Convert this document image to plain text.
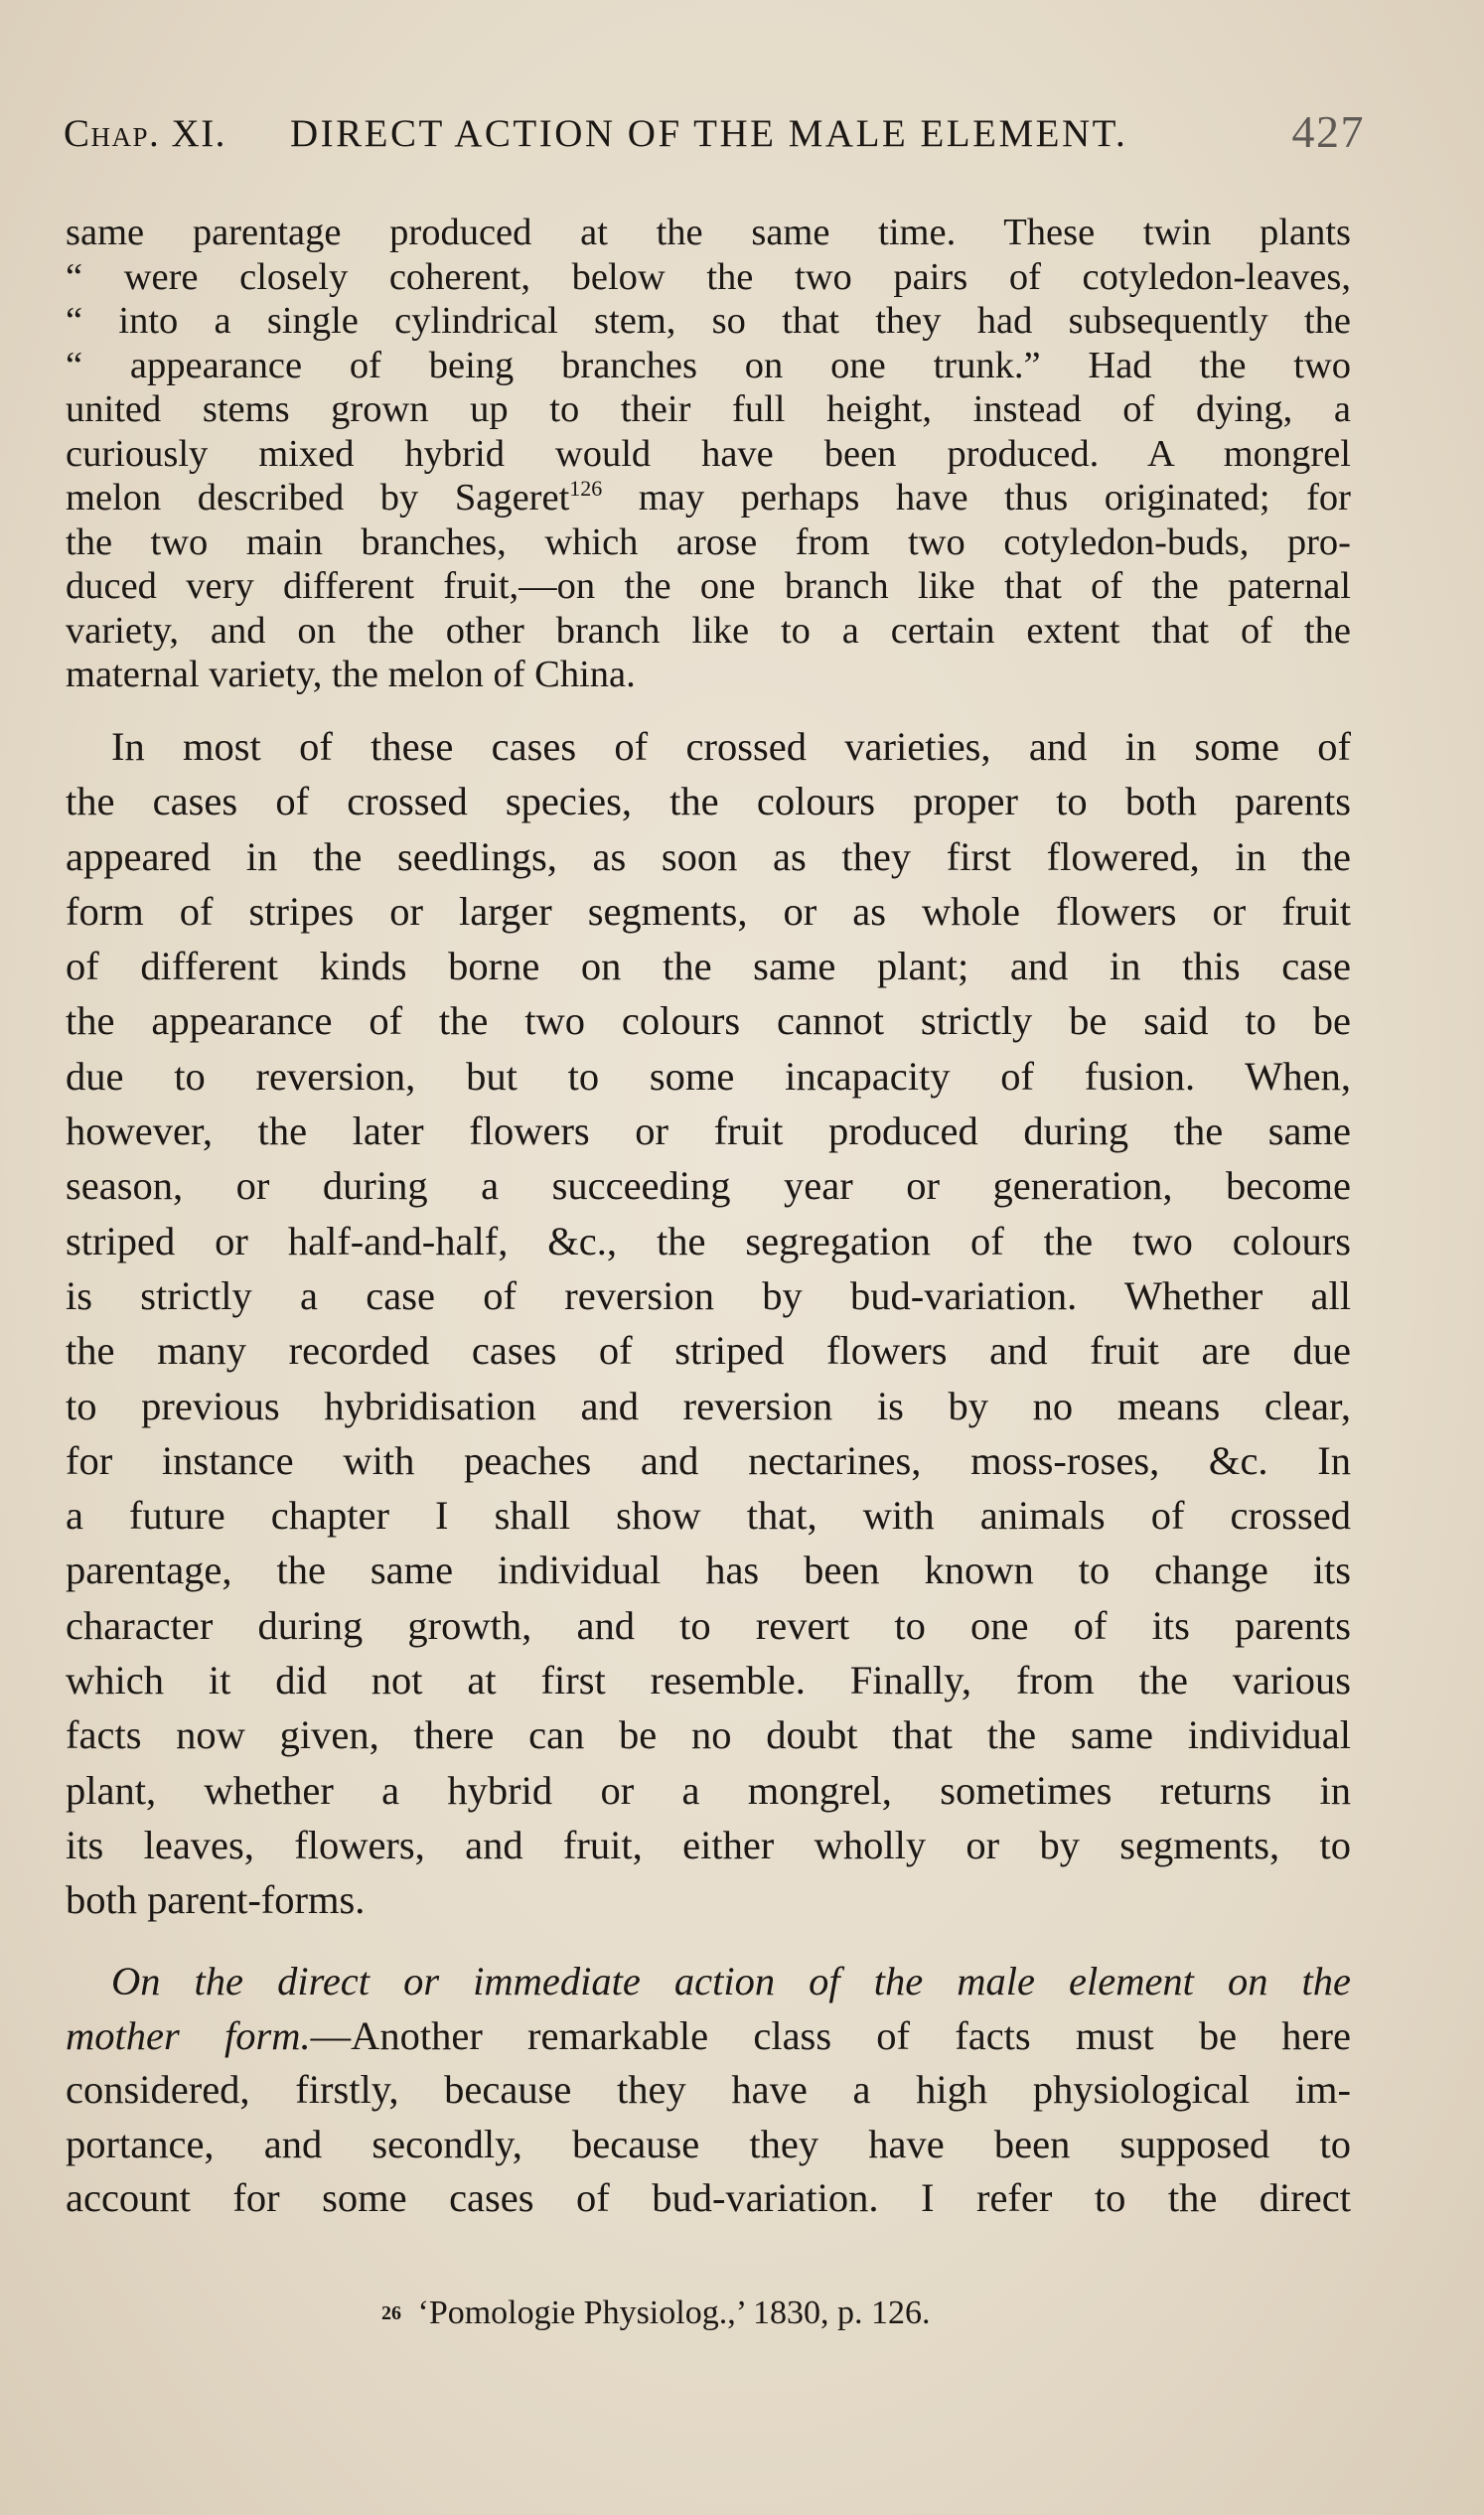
Chap. XI. DIRECT ACTION OF THE MALE ELEMENT.	427
same parentage produced at the same time. These twin plants
“ were closely coherent, below the two pairs of cotyledon-leaves,
“ into a single cylindrical stem, so that they had subsequently the
“ appearance of being branches on one trunk.” Had the two
united stems grown up to their full height, instead of dying, a
curiously mixed hybrid would have been produced. A mongrel
melon described by Sageret$^{126}$ may perhaps have thus originated; for
the two main branches, which arose from two cotyledon-buds, pro-
duced very different fruit,—on the one branch like that of the paternal
variety, and on the other branch like to a certain extent that of the
maternal variety, the melon of China.
In most of these cases of crossed varieties, and in some of
the cases of crossed species, the colours proper to both parents
appeared in the seedlings, as soon as they first flowered, in the
form of stripes or larger segments, or as whole flowers or fruit
of different kinds borne on the same plant; and in this case
the appearance of the two colours cannot strictly be said to be
due to reversion, but to some incapacity of fusion. When,
however, the later flowers or fruit produced during the same
season, or during a succeeding year or generation, become
striped or half-and-half, &c., the segregation of the two colours
is strictly a case of reversion by bud-variation. Whether all
the many recorded cases of striped flowers and fruit are due
to previous hybridisation and reversion is by no means clear,
for instance with peaches and nectarines, moss-roses, &c. In
a future chapter I shall show that, with animals of crossed
parentage, the same individual has been known to change its
character during growth, and to revert to one of its parents
which it did not at first resemble. Finally, from the various
facts now given, there can be no doubt that the same individual
plant, whether a hybrid or a mongrel, sometimes returns in
its leaves, flowers, and fruit, either wholly or by segments, to
both parent-forms.
On the direct or immediate action of the male element on the
mother form.—Another remarkable class of facts must be here
considered, firstly, because they have a high physiological im-
portance, and secondly, because they have been supposed to
account for some cases of bud-variation. I refer to the direct
26 ‘Pomologie Physiolog.,’ 1830, p. 126.
